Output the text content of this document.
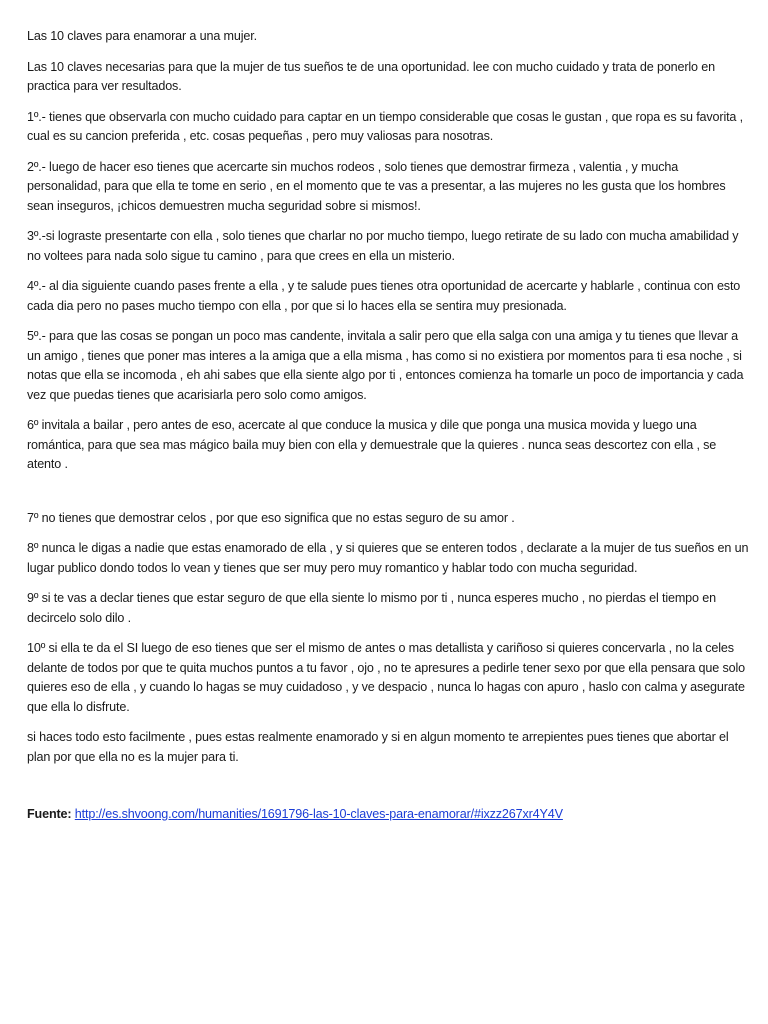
Las 10 claves para enamorar a una mujer.

Las 10 claves necesarias para que la mujer de tus sueños te de una oportunidad. lee con mucho cuidado y trata de ponerlo en practica para ver resultados.

1º.- tienes que observarla con mucho cuidado para captar en un tiempo considerable que cosas le gustan , que ropa es su favorita , cual es su cancion preferida , etc. cosas pequeñas , pero muy valiosas para nosotras.

2º.- luego de hacer eso tienes que acercarte sin muchos rodeos , solo tienes que demostrar firmeza , valentia , y mucha personalidad, para que ella te tome en serio , en el momento que te vas a presentar, a las mujeres no les gusta que los hombres sean inseguros, ¡chicos demuestren mucha seguridad sobre si mismos!.

3º.-si lograste presentarte con ella , solo tienes que charlar no por mucho tiempo, luego retirate de su lado con mucha amabilidad y no voltees para nada solo sigue tu camino , para que crees en ella un misterio.

4º.- al dia siguiente cuando pases frente a ella , y te salude pues tienes otra oportunidad de acercarte y hablarle , continua con esto cada dia pero no pases mucho tiempo con ella , por que si lo haces ella se sentira muy presionada.

5º.- para que las cosas se pongan un poco mas candente, invitala a salir pero que ella salga con una amiga y tu tienes que llevar a un amigo , tienes que poner mas interes a la amiga que a ella misma , has como si no existiera por momentos para ti esa noche , si notas que ella se incomoda , eh ahi sabes que ella siente algo por ti , entonces comienza ha tomarle un poco de importancia y cada vez que puedas tienes que acarisiarla pero solo como amigos.

6º invitala a bailar , pero antes de eso, acercate al que conduce la musica y dile que ponga una musica movida y luego una romántica, para que sea mas mágico baila muy bien con ella y demuestrale que la quieres . nunca seas descortez con ella , se atento .

7º no tienes que demostrar celos , por que eso significa que no estas seguro de su amor .

8º nunca le digas a nadie que estas enamorado de ella , y si quieres que se enteren todos , declarate a la mujer de tus sueños en un lugar publico dondo todos lo vean y tienes que ser muy pero muy romantico y hablar todo con mucha seguridad.

9º si te vas a declar tienes que estar seguro de que ella siente lo mismo por ti , nunca esperes mucho , no pierdas el tiempo en decircelo solo dilo .

10º si ella te da el SI luego de eso tienes que ser el mismo de antes o mas detallista y cariñoso si quieres concervarla , no la celes delante de todos por que te quita muchos puntos a tu favor , ojo , no te apresures a pedirle tener sexo por que ella pensara que solo quieres eso de ella , y cuando lo hagas se muy cuidadoso , y ve despacio , nunca lo hagas con apuro , haslo con calma y asegurate que ella lo disfrute.

si haces todo esto facilmente , pues estas realmente enamorado y si en algun momento te arrepientes pues tienes que abortar el plan por que ella no es la mujer para ti.

Fuente: http://es.shvoong.com/humanities/1691796-las-10-claves-para-enamorar/#ixzz267xr4Y4V
